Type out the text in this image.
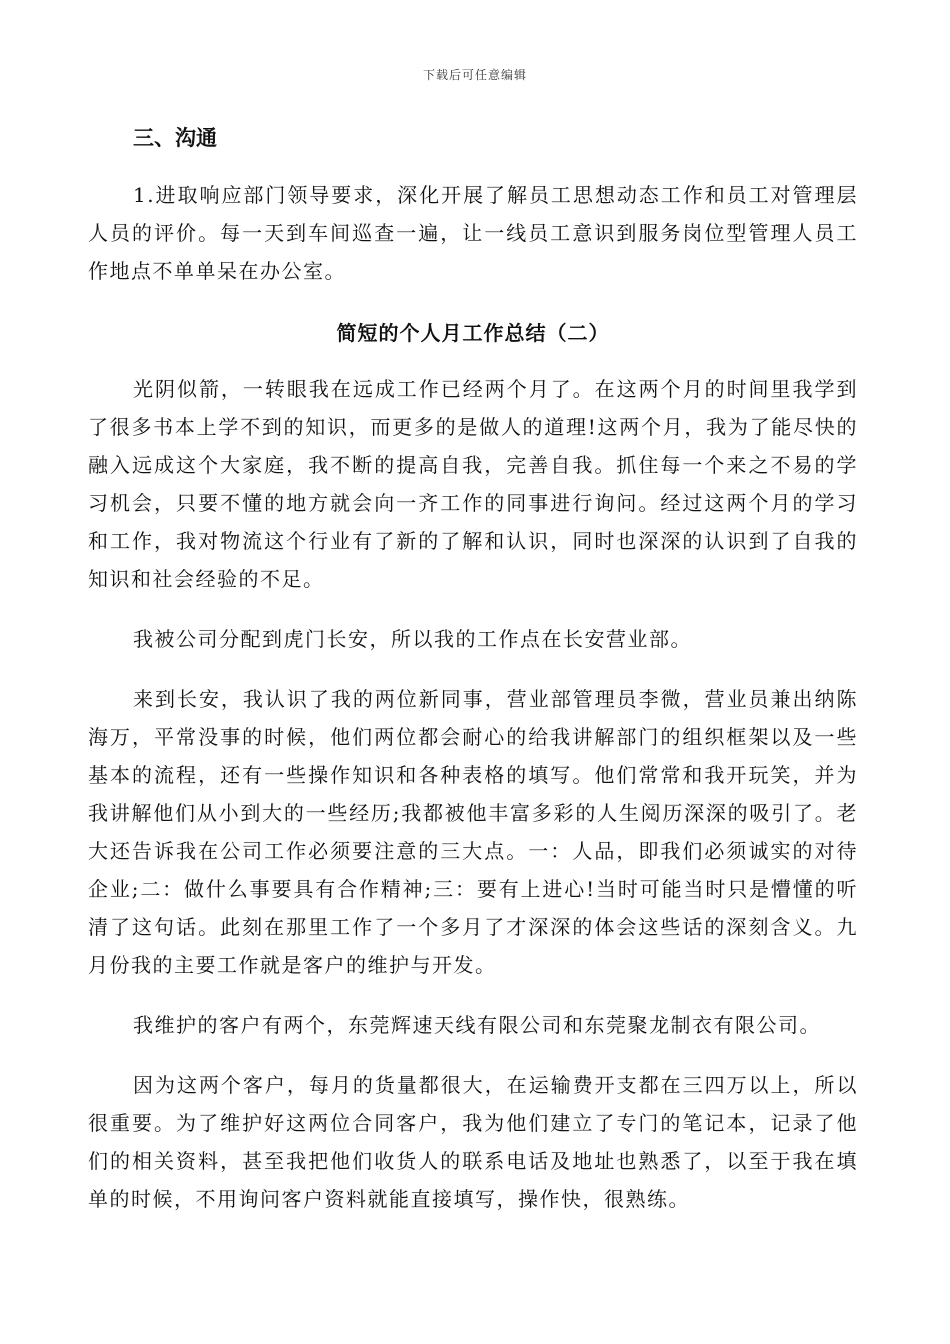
下载后可任意编辑
三、沟通

1.进取响应部门领导要求，深化开展了解员工思想动态工作和员工对管理层人员的评价。每一天到车间巡查一遍，让一线员工意识到服务岗位型管理人员工作地点不单单呆在办公室。

简短的个人月工作总结（二）

光阴似箭，一转眼我在远成工作已经两个月了。在这两个月的时间里我学到了很多书本上学不到的知识，而更多的是做人的道理!这两个月，我为了能尽快的融入远成这个大家庭，我不断的提高自我，完善自我。抓住每一个来之不易的学习机会，只要不懂的地方就会向一齐工作的同事进行询问。经过这两个月的学习和工作，我对物流这个行业有了新的了解和认识，同时也深深的认识到了自我的知识和社会经验的不足。

我被公司分配到虎门长安，所以我的工作点在长安营业部。

来到长安，我认识了我的两位新同事，营业部管理员李微，营业员兼出纳陈海万，平常没事的时候，他们两位都会耐心的给我讲解部门的组织框架以及一些基本的流程，还有一些操作知识和各种表格的填写。他们常常和我开玩笑，并为我讲解他们从小到大的一些经历;我都被他丰富多彩的人生阅历深深的吸引了。老大还告诉我在公司工作必须要注意的三大点。一：人品，即我们必须诚实的对待企业;二：做什么事要具有合作精神;三：要有上进心!当时可能当时只是懵懂的听清了这句话。此刻在那里工作了一个多月了才深深的体会这些话的深刻含义。九月份我的主要工作就是客户的维护与开发。

我维护的客户有两个，东莞辉速天线有限公司和东莞聚龙制衣有限公司。

因为这两个客户，每月的货量都很大，在运输费开支都在三四万以上，所以很重要。为了维护好这两位合同客户，我为他们建立了专门的笔记本，记录了他们的相关资料，甚至我把他们收货人的联系电话及地址也熟悉了，以至于我在填单的时候，不用询问客户资料就能直接填写，操作快，很熟练。
